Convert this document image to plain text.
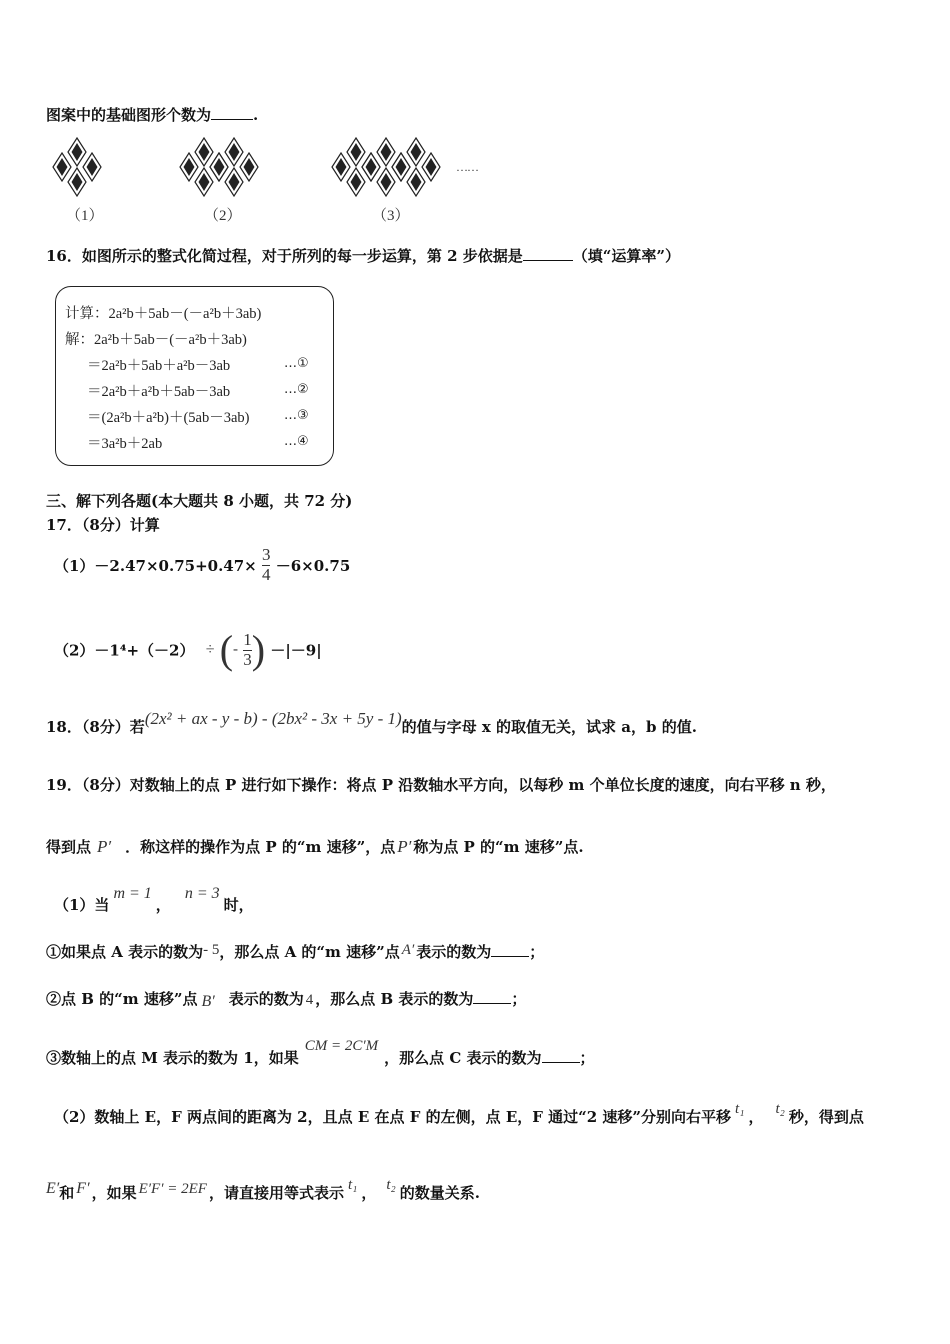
图案中的基础图形个数为	.
（1）	（2）	（3）
……
16．如图所示的整式化简过程，对于所列的每一步运算，第 2 步依据是	（填“运算率”）
计算：2a²b＋5ab－(－a²b＋3ab)
解：2a²b＋5ab－(－a²b＋3ab)
＝2a²b＋5ab＋a²b－3ab	…①
＝2a²b＋a²b＋5ab－3ab	…②
＝(2a²b＋a²b)＋(5ab－3ab)	…③
＝3a²b＋2ab	…④
三、解下列各题(本大题共 8 小题，共 72 分)
17．（8分）计算
$(1)-2.47\times 0.75+0.47\times \frac{3}{4} -6\times 0.75$
（2）－1⁴+（－2） ÷ (- $\frac{1}{3}$ ) －|－9|
18．（8分）若(2x² + ax - y - b) - (2bx² - 3x + 5y - 1)的值与字母 x 的取值无关，试求 a，b 的值.
19．（8分）对数轴上的点 P 进行如下操作：将点 P 沿数轴水平方向，以每秒 m 个单位长度的速度，向右平移 n 秒，
得到点 P′ ．称这样的操作为点 P 的“m 速移”，点 P′ 称为点 P 的“m 速移”点.
（1）当m = 1，n = 3时，
①如果点 A 表示的数为- 5，那么点 A 的“m 速移”点 A′ 表示的数为	；
②点 B 的“m 速移”点 B′ 表示的数为 4 ，那么点 B 表示的数为	；
③数轴上的点 M 表示的数为 1，如果CM = 2C′M，那么点 C 表示的数为	；
（2）数轴上 E，F 两点间的距离为 2，且点 E 在点 F 的左侧，点 E，F 通过“2 速移”分别向右平移 t₁ ， t₂ 秒，得到点
E′和 F′ ，如果 E′F′ = 2EF ，请直接用等式表示 t₁ ， t₂ 的数量关系.
